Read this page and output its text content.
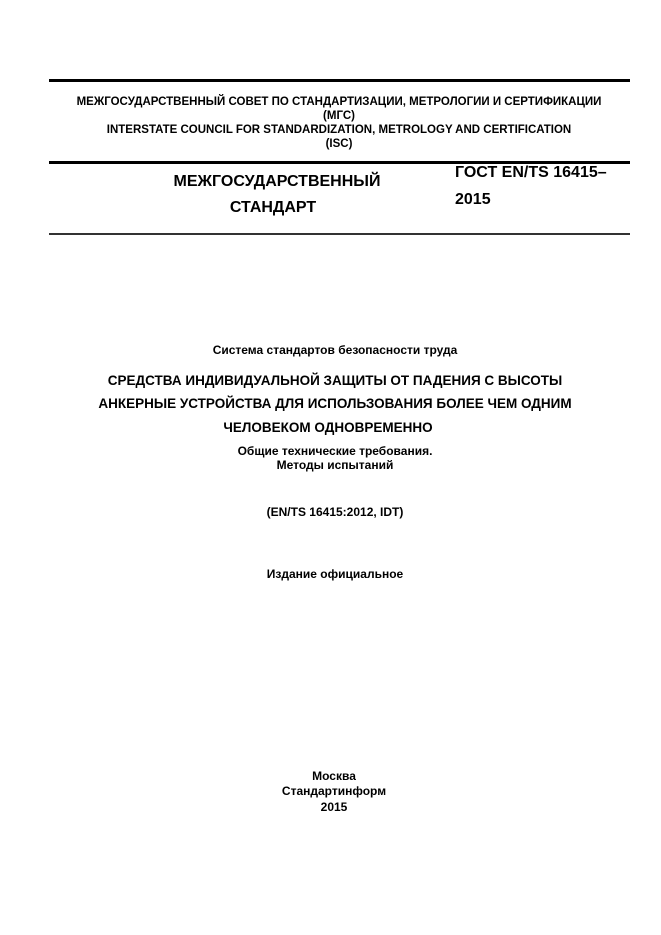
МЕЖГОСУДАРСТВЕННЫЙ СОВЕТ ПО СТАНДАРТИЗАЦИИ, МЕТРОЛОГИИ И СЕРТИФИКАЦИИ
(МГС)
INTERSTATE COUNCIL FOR STANDARDIZATION, METROLOGY AND CERTIFICATION
(ISC)
МЕЖГОСУДАРСТВЕННЫЙ
СТАНДАРТ
ГОСТ EN/TS 16415–
2015
Система стандартов безопасности труда
СРЕДСТВА ИНДИВИДУАЛЬНОЙ ЗАЩИТЫ ОТ ПАДЕНИЯ С ВЫСОТЫ
АНКЕРНЫЕ УСТРОЙСТВА ДЛЯ ИСПОЛЬЗОВАНИЯ БОЛЕЕ ЧЕМ ОДНИМ
ЧЕЛОВЕКОМ ОДНОВРЕМЕННО
Общие технические требования.
Методы испытаний
(EN/TS 16415:2012, IDT)
Издание официальное
Москва
Стандартинформ
2015
